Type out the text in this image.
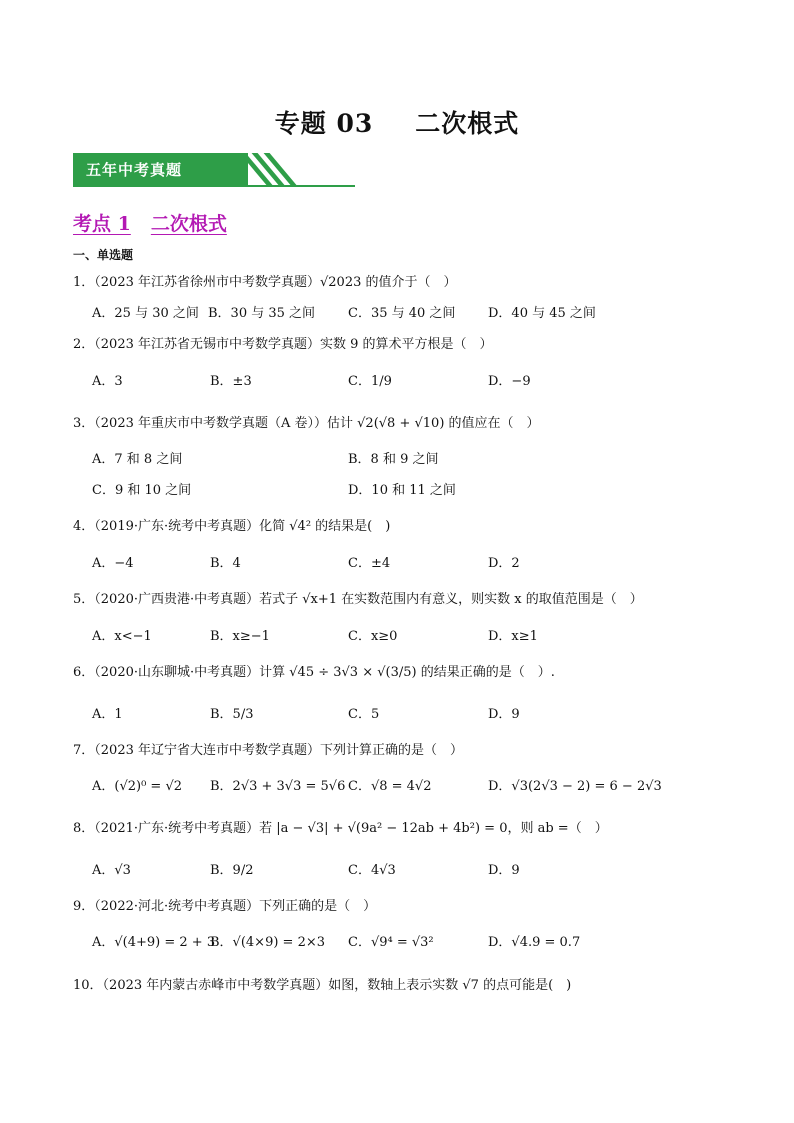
专题 03 二次根式
五年中考真题
考点 1 二次根式
一、单选题
1．（2023 年江苏省徐州市中考数学真题）√2023 的值介于（　）
A．25 与 30 之间 B．30 与 35 之间	C．35 与 40 之间	D．40 与 45 之间
2．（2023 年江苏省无锡市中考数学真题）实数 9 的算术平方根是（　）
A．3	B．±3	C．1/9	D．−9
3．（2023 年重庆市中考数学真题（A 卷））估计 √2(√8 + √10) 的值应在（　）
A．7 和 8 之间	B．8 和 9 之间
C．9 和 10 之间	D．10 和 11 之间
4．（2019·广东·统考中考真题）化简 √4² 的结果是(　)
A．−4	B．4	C．±4	D．2
5．（2020·广西贵港·中考真题）若式子 √x+1 在实数范围内有意义，则实数 x 的取值范围是（　）
A．x<−1	B．x≥−1	C．x≥0	D．x≥1
6．（2020·山东聊城·中考真题）计算 √45 ÷ 3√3 × √(3/5) 的结果正确的是（　）.
A．1	B．5/3	C．5	D．9
7．（2023 年辽宁省大连市中考数学真题）下列计算正确的是（　）
A．(√2)⁰ = √2 B．2√3 + 3√3 = 5√6 C．√8 = 4√2	D．√3(2√3 − 2) = 6 − 2√3
8．（2021·广东·统考中考真题）若 |a − √3| + √(9a² − 12ab + 4b²) = 0，则 ab =（　）
A．√3	B．9/2	C．4√3	D．9
9．（2022·河北·统考中考真题）下列正确的是（　）
A．√(4+9) = 2 + 3
B．√(4×9) = 2×3 C．√9⁴ = √3²	D．√4.9 = 0.7
10．（2023 年内蒙古赤峰市中考数学真题）如图，数轴上表示实数 √7 的点可能是(　)
